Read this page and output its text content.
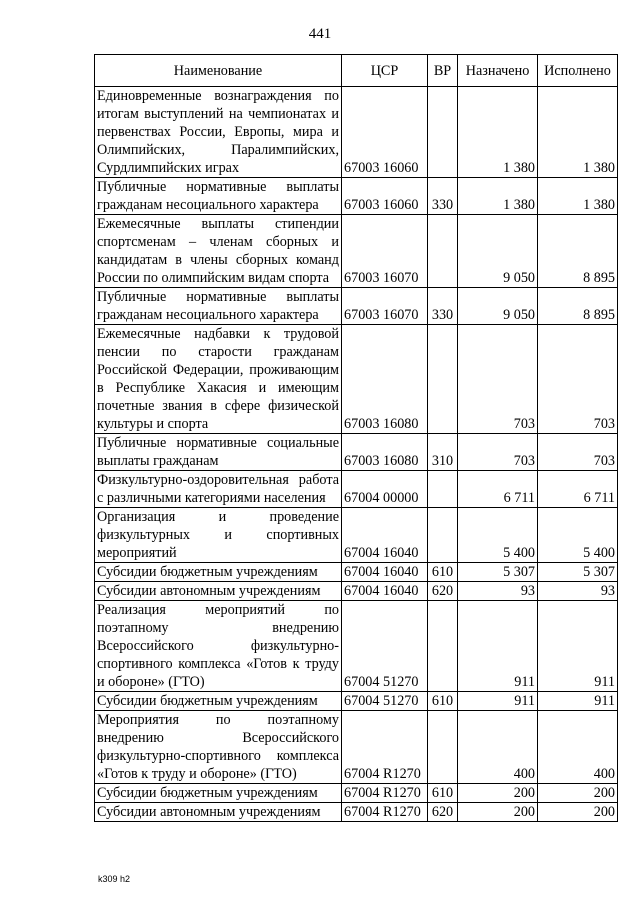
441
Наименование	ЦСР	ВР	Назначено	Исполнено
Единовременные вознаграждения по итогам выступлений на чемпионатах и первенствах России, Европы, мира и Олимпийских, Паралимпийских, Сурдлимпийских играх	67003 16060		1 380	1 380
Публичные нормативные выплаты гражданам несоциального характера	67003 16060	330	1 380	1 380
Ежемесячные выплаты стипендии спортсменам – членам сборных и кандидатам в члены сборных команд России по олимпийским видам спорта	67003 16070		9 050	8 895
Публичные нормативные выплаты гражданам несоциального характера	67003 16070	330	9 050	8 895
Ежемесячные надбавки к трудовой пенсии по старости гражданам Российской Федерации, проживающим в Республике Хакасия и имеющим почетные звания в сфере физической культуры и спорта	67003 16080		703	703
Публичные нормативные социальные выплаты гражданам	67003 16080	310	703	703
Физкультурно-оздоровительная работа с различными категориями населения	67004 00000		6 711	6 711
Организация и проведение физкультурных и спортивных мероприятий	67004 16040		5 400	5 400
Субсидии бюджетным учреждениям	67004 16040	610	5 307	5 307
Субсидии автономным учреждениям	67004 16040	620	93	93
Реализация мероприятий по поэтапному внедрению Всероссийского физкультурно-спортивного комплекса «Готов к труду и обороне» (ГТО)	67004 51270		911	911
Субсидии бюджетным учреждениям	67004 51270	610	911	911
Мероприятия по поэтапному внедрению Всероссийского физкультурно-спортивного комплекса «Готов к труду и обороне» (ГТО)	67004 R1270		400	400
Субсидии бюджетным учреждениям	67004 R1270	610	200	200
Субсидии автономным учреждениям	67004 R1270	620	200	200
k309 h2
